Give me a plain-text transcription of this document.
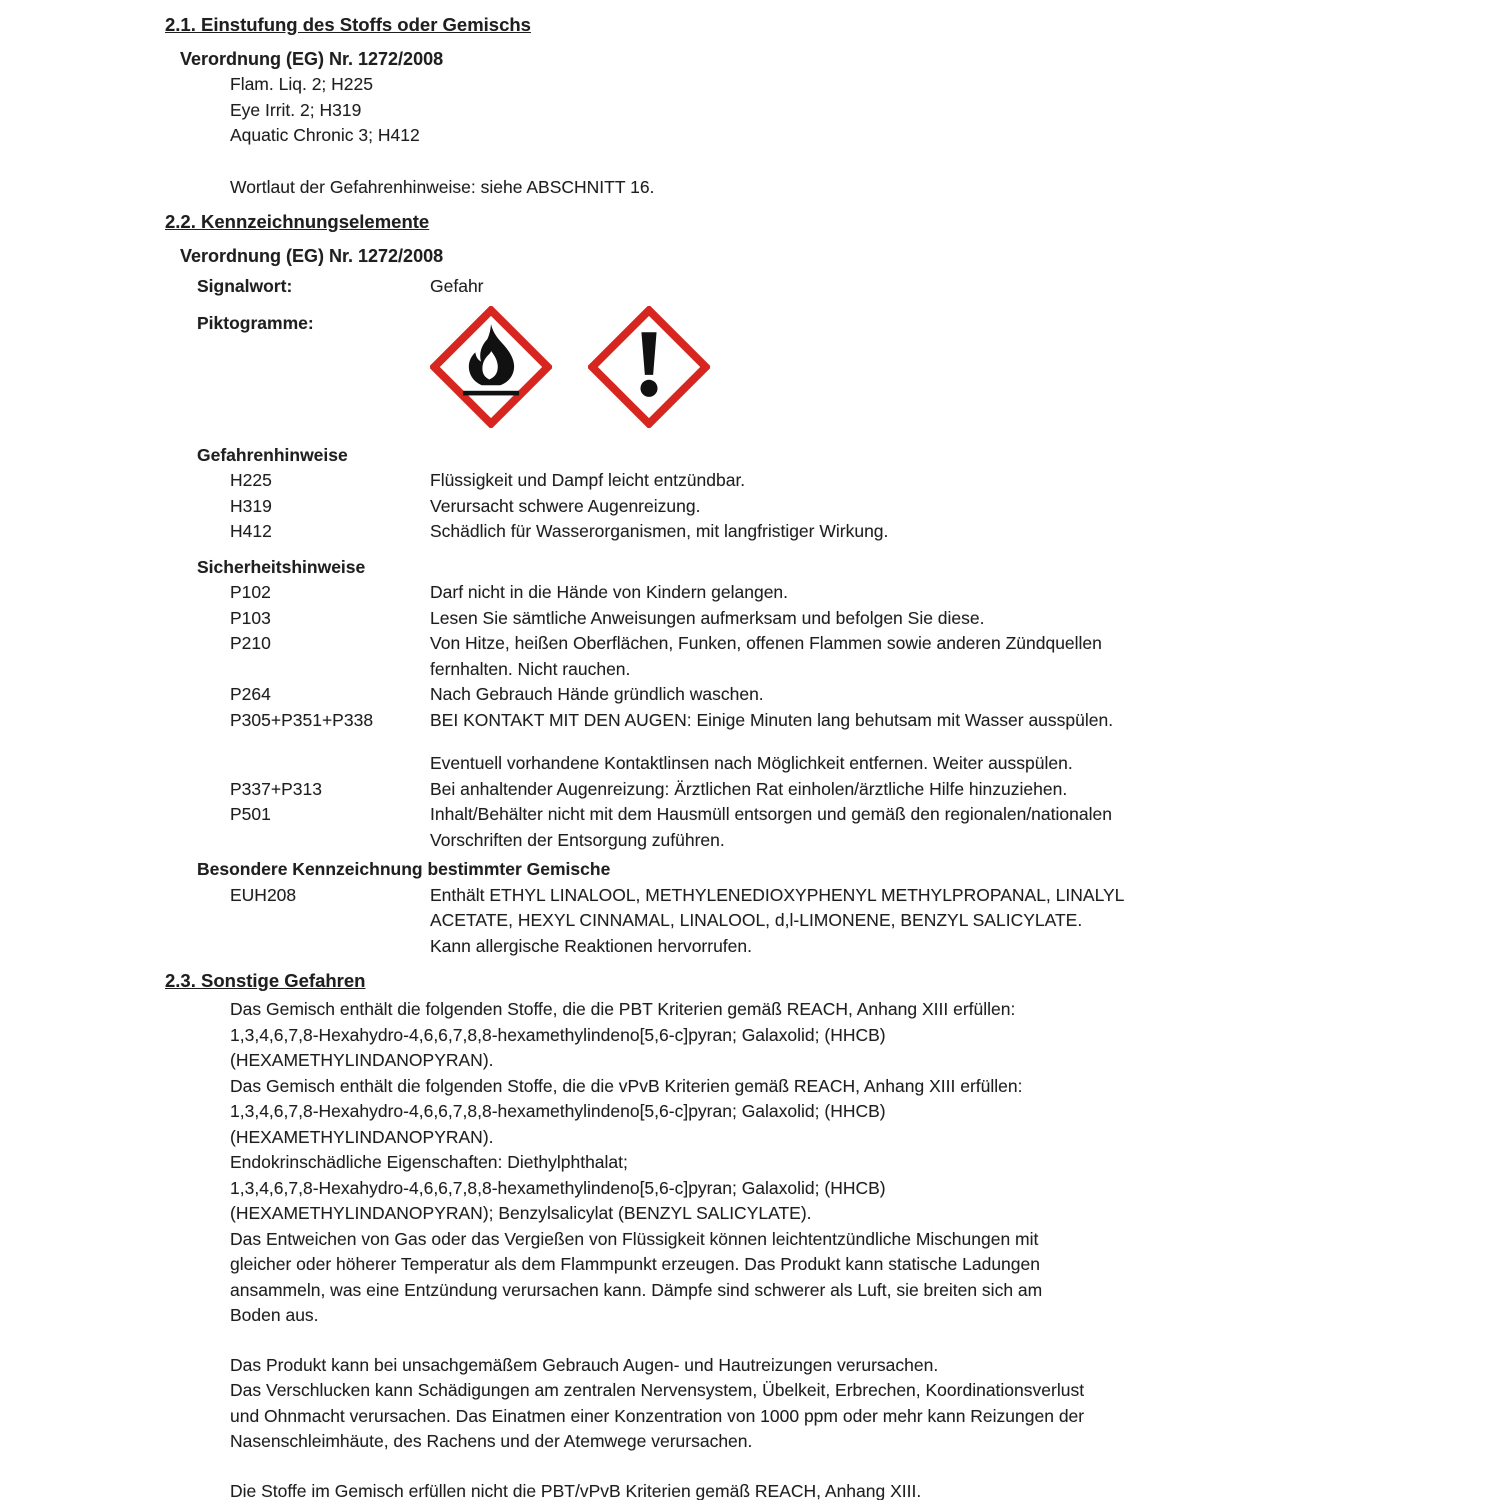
2.1. Einstufung des Stoffs oder Gemischs
Verordnung (EG) Nr. 1272/2008
Flam. Liq. 2; H225
Eye Irrit. 2; H319
Aquatic Chronic 3; H412
Wortlaut der Gefahrenhinweise: siehe ABSCHNITT 16.
2.2. Kennzeichnungselemente
Verordnung (EG) Nr. 1272/2008
Signalwort:	Gefahr
Piktogramme:
Gefahrenhinweise
H225	Flüssigkeit und Dampf leicht entzündbar.
H319	Verursacht schwere Augenreizung.
H412	Schädlich für Wasserorganismen, mit langfristiger Wirkung.
Sicherheitshinweise
P102	Darf nicht in die Hände von Kindern gelangen.
P103	Lesen Sie sämtliche Anweisungen aufmerksam und befolgen Sie diese.
P210	Von Hitze, heißen Oberflächen, Funken, offenen Flammen sowie anderen Zündquellen
fernhalten. Nicht rauchen.
P264	Nach Gebrauch Hände gründlich waschen.
P305+P351+P338	BEI KONTAKT MIT DEN AUGEN: Einige Minuten lang behutsam mit Wasser ausspülen.
Eventuell vorhandene Kontaktlinsen nach Möglichkeit entfernen. Weiter ausspülen.
P337+P313	Bei anhaltender Augenreizung: Ärztlichen Rat einholen/ärztliche Hilfe hinzuziehen.
P501	Inhalt/Behälter nicht mit dem Hausmüll entsorgen und gemäß den regionalen/nationalen
Vorschriften der Entsorgung zuführen.
Besondere Kennzeichnung bestimmter Gemische
EUH208	Enthält ETHYL LINALOOL, METHYLENEDIOXYPHENYL METHYLPROPANAL, LINALYL
ACETATE, HEXYL CINNAMAL, LINALOOL, d,l-LIMONENE, BENZYL SALICYLATE.
Kann allergische Reaktionen hervorrufen.
2.3. Sonstige Gefahren
Das Gemisch enthält die folgenden Stoffe, die die PBT Kriterien gemäß REACH, Anhang XIII erfüllen:
1,3,4,6,7,8-Hexahydro-4,6,6,7,8,8-hexamethylindeno[5,6-c]pyran; Galaxolid; (HHCB)
(HEXAMETHYLINDANOPYRAN).
Das Gemisch enthält die folgenden Stoffe, die die vPvB Kriterien gemäß REACH, Anhang XIII erfüllen:
1,3,4,6,7,8-Hexahydro-4,6,6,7,8,8-hexamethylindeno[5,6-c]pyran; Galaxolid; (HHCB)
(HEXAMETHYLINDANOPYRAN).
Endokrinschädliche Eigenschaften: Diethylphthalat;
1,3,4,6,7,8-Hexahydro-4,6,6,7,8,8-hexamethylindeno[5,6-c]pyran; Galaxolid; (HHCB)
(HEXAMETHYLINDANOPYRAN); Benzylsalicylat (BENZYL SALICYLATE).
Das Entweichen von Gas oder das Vergießen von Flüssigkeit können leichtentzündliche Mischungen mit
gleicher oder höherer Temperatur als dem Flammpunkt erzeugen. Das Produkt kann statische Ladungen
ansammeln, was eine Entzündung verursachen kann. Dämpfe sind schwerer als Luft, sie breiten sich am
Boden aus.
Das Produkt kann bei unsachgemäßem Gebrauch Augen- und Hautreizungen verursachen.
Das Verschlucken kann Schädigungen am zentralen Nervensystem, Übelkeit, Erbrechen, Koordinationsverlust
und Ohnmacht verursachen. Das Einatmen einer Konzentration von 1000 ppm oder mehr kann Reizungen der
Nasenschleimhäute, des Rachens und der Atemwege verursachen.
Die Stoffe im Gemisch erfüllen nicht die PBT/vPvB Kriterien gemäß REACH, Anhang XIII.
